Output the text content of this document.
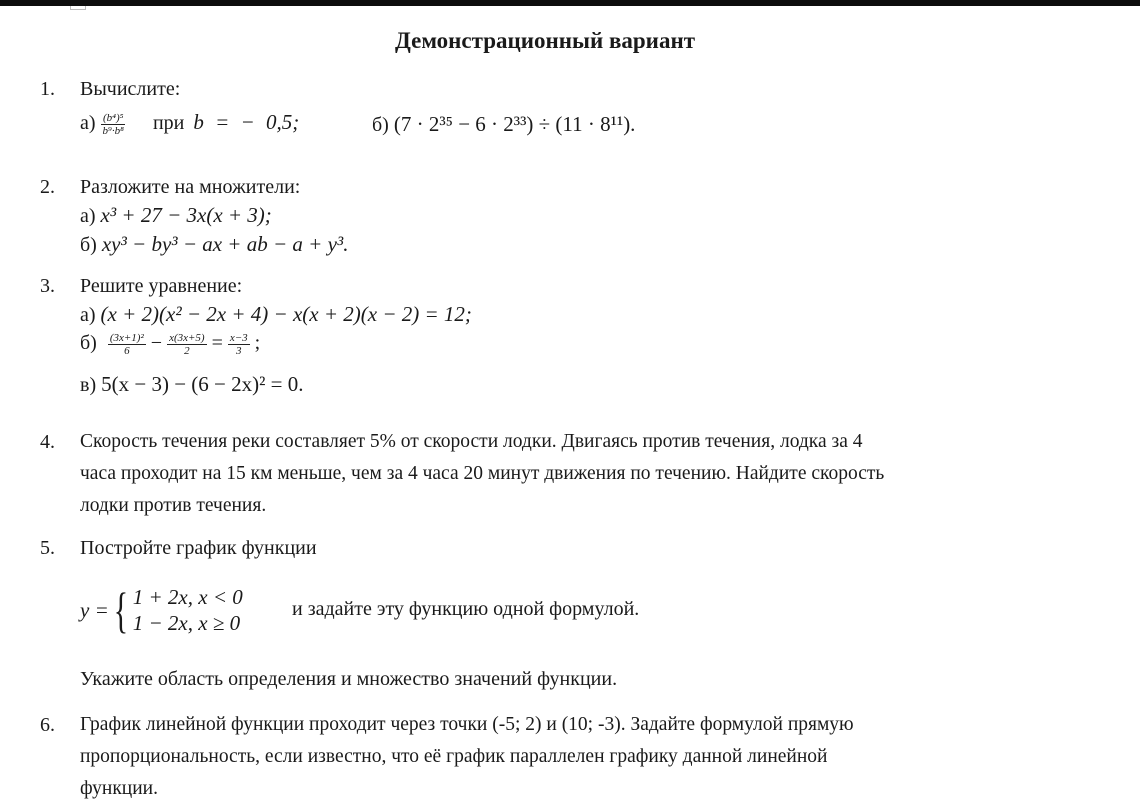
Демонстрационный вариант
1. Вычислите:
$а) \frac{\text{(b⁴)⁵}}{\text{b⁹·b⁸}}$ при b = − 0,5;	б) (7 · 2³⁵ − 6 · 2³³) ÷ (11 · 8¹¹).
2. Разложите на множители:
а) x³ + 27 − 3x(x + 3);
б) xy³ − by³ − ax + ab − a + y³.
3. Решите уравнение:
а) (x + 2)(x² − 2x + 4) − x(x + 2)(x − 2) = 12;
$б) \frac{\text{(3x+1)²}}{6} - \frac{x(3x+5)}{2} = \frac{x-3}{3}$ ;
в) 5(x − 3) − (6 − 2x)² = 0.
4. Скорость течения реки составляет 5% от скорости лодки. Двигаясь против течения, лодка за 4
часа проходит на 15 км меньше, чем за 4 часа 20 минут движения по течению. Найдите скорость
лодки против течения.
5. Постройте график функции
y = { 1 + 2x, x < 0
1 − 2x, x ≥ 0
и задайте эту функцию одной формулой.
Укажите область определения и множество значений функции.
6. График линейной функции проходит через точки (-5; 2) и (10; -3). Задайте формулой прямую
пропорциональность, если известно, что её график параллелен графику данной линейной
функции.
